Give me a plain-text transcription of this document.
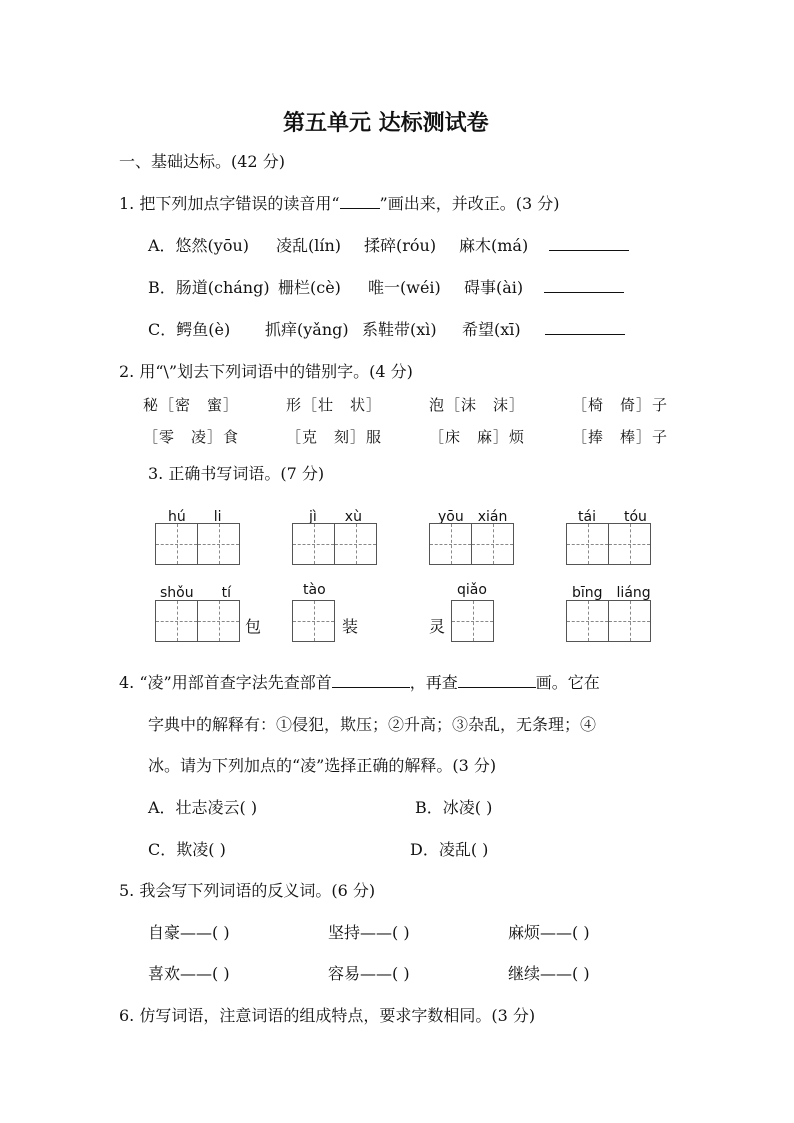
第五单元 达标测试卷
一、基础达标。(42 分)
1. 把下列加点字错误的读音用“	”画出来，并改正。(3 分)
A．悠然(yōu) 凌乱(lín) 揉碎(róu) 麻木(má)
B．肠道(cháng) 栅栏(cè) 唯一(wéi) 碍事(ài)
C．鳄鱼(è) 抓痒(yǎng) 系鞋带(xì) 希望(xī)
2. 用“\”划去下列词语中的错别字。(4 分)
秘［密　蜜］	形［壮　状］	泡［沫　沫］	［椅　倚］子
［零　凌］食	［克　刻］服	［床　麻］烦	［捧　棒］子
3. 正确书写词语。(7 分)
hú　　li	jì　　xù	yōu　xián	tái　　tóu
shǒu　　tí	tào	qiǎo	bīng　liáng
包	装	灵
4. “凌”用部首查字法先查部首	，再查	画。它在
字典中的解释有：①侵犯，欺压；②升高；③杂乱，无条理；④
冰。请为下列加点的“凌”选择正确的解释。(3 分)
A．壮志凌云( )	B．冰凌( )
C．欺凌( )	D．凌乱( )
5. 我会写下列词语的反义词。(6 分)
自豪——( )	坚持——( )	麻烦——( )
喜欢——( )	容易——( )	继续——( )
6. 仿写词语，注意词语的组成特点，要求字数相同。(3 分)
